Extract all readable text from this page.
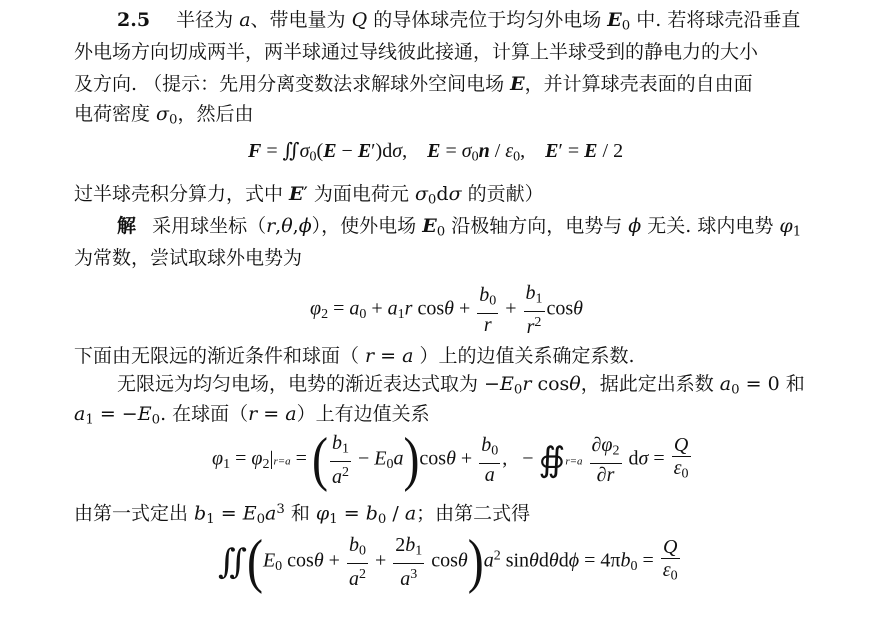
2.5 半径为 a、带电量为 Q 的导体球壳位于均匀外电场 $E_0$ 中. 若将球壳沿垂直
外电场方向切成两半，两半球通过导线彼此接通，计算上半球受到的静电力的大小
及方向. （提示：先用分离变数法求解球外空间电场 E，并计算球壳表面的自由面
电荷密度 $\sigma_0$，然后由
$F = ∬\sigma_0(E - E')d\sigma$,    $E = \sigma_0n / \varepsilon_0$,    E′ = E / 2
过半球壳积分算力，式中 E′ 为面电荷元 $\sigma_0d\sigma$ 的贡献）
解 采用球坐标（r,θ,ϕ），使外电场 $E_0$ 沿极轴方向，电势与 ϕ 无关. 球内电势 $\varphi_1$
为常数，尝试取球外电势为
$\varphi_2 = a_0 + a_1r$ $\cos\theta + \frac{b_0}{r} + \frac{b_1}{r^2}$ cosθ
下面由无限远的渐近条件和球面（ r = a ）上的边值关系确定系数.
无限远为均匀电场，电势的渐近表达式取为 $-E_0r$ cosθ，据此定出系数 $a_0 = 0$ 和
$a_1 = -E_0$. 在球面（r = a）上有边值关系
$\varphi_1 = \varphi_2|r=a$ = ( $\frac{b_1}{a^2} - E_0a)\cos\theta + \frac{b_0}{a}$ ,   − ∯r=a $\frac{\partial\varphi_2}{\partial r}$ $d\sigma = \frac{Q}{\varepsilon_0}$
由第一式定出 $b_1 = E_0a^3$ 和 $\varphi_1 = b_0 / a$；由第二式得
$∬(E_0$ $\cos\theta + \frac{b_0}{a^2} + \frac{2b_1}{a^3} \cos\theta)a^2$ $\sin\theta d\theta d\phi = 4\pi b_0 = \frac{Q}{\varepsilon_0}$
